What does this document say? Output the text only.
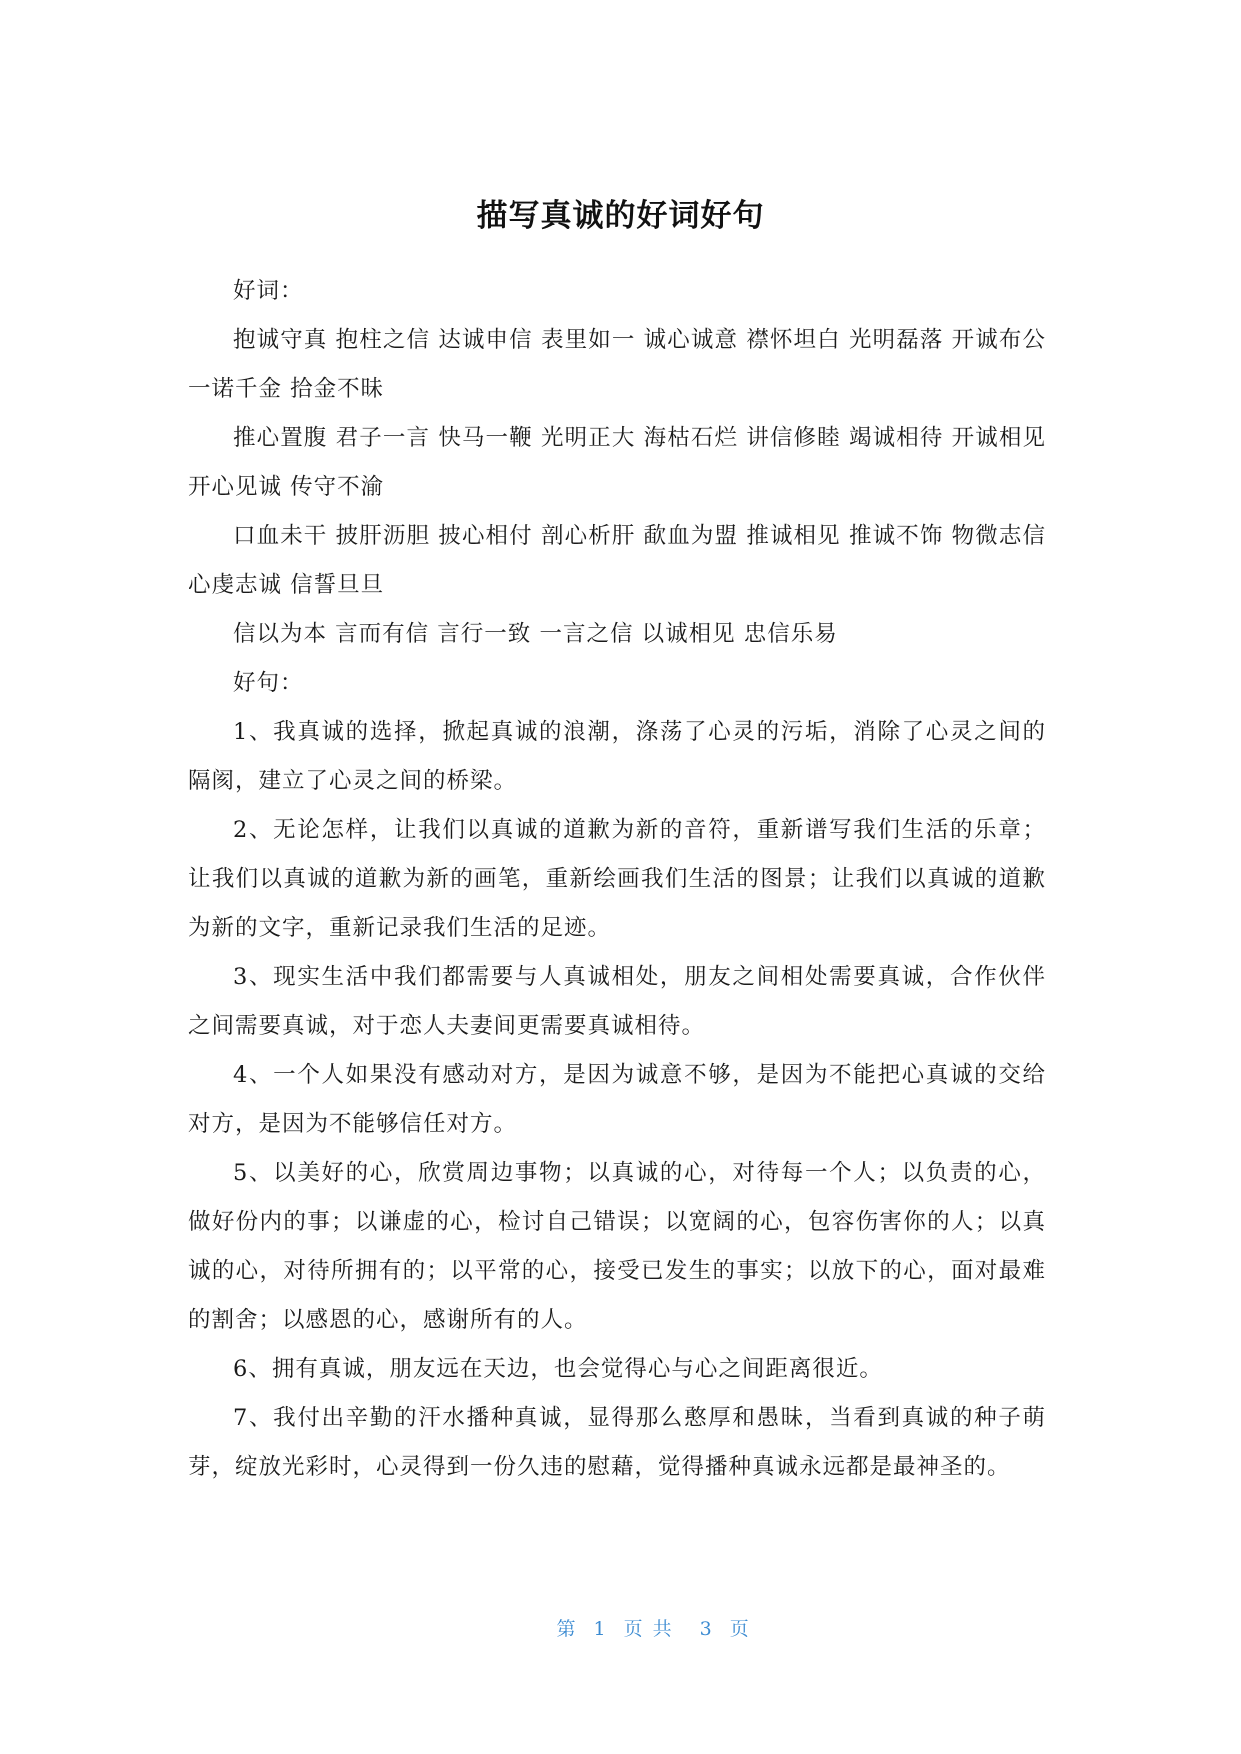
描写真诚的好词好句

好词：

抱诚守真 抱柱之信 达诚申信 表里如一 诚心诚意 襟怀坦白 光明磊落 开诚布公 一诺千金 拾金不昧

推心置腹 君子一言 快马一鞭 光明正大 海枯石烂 讲信修睦 竭诚相待 开诚相见 开心见诚 传守不渝

口血未干 披肝沥胆 披心相付 剖心析肝 歃血为盟 推诚相见 推诚不饰 物微志信 心虔志诚 信誓旦旦

信以为本 言而有信 言行一致 一言之信 以诚相见 忠信乐易

好句：

1、我真诚的选择，掀起真诚的浪潮，涤荡了心灵的污垢，消除了心灵之间的隔阂，建立了心灵之间的桥梁。

2、无论怎样，让我们以真诚的道歉为新的音符，重新谱写我们生活的乐章；让我们以真诚的道歉为新的画笔，重新绘画我们生活的图景；让我们以真诚的道歉为新的文字，重新记录我们生活的足迹。

3、现实生活中我们都需要与人真诚相处，朋友之间相处需要真诚，合作伙伴之间需要真诚，对于恋人夫妻间更需要真诚相待。

4、一个人如果没有感动对方，是因为诚意不够，是因为不能把心真诚的交给对方，是因为不能够信任对方。

5、以美好的心，欣赏周边事物；以真诚的心，对待每一个人；以负责的心，做好份内的事；以谦虚的心，检讨自己错误；以宽阔的心，包容伤害你的人；以真诚的心，对待所拥有的；以平常的心，接受已发生的事实；以放下的心，面对最难的割舍；以感恩的心，感谢所有的人。

6、拥有真诚，朋友远在天边，也会觉得心与心之间距离很近。

7、我付出辛勤的汗水播种真诚，显得那么憨厚和愚昧，当看到真诚的种子萌芽，绽放光彩时，心灵得到一份久违的慰藉，觉得播种真诚永远都是最神圣的。

第 1 页共 3 页
